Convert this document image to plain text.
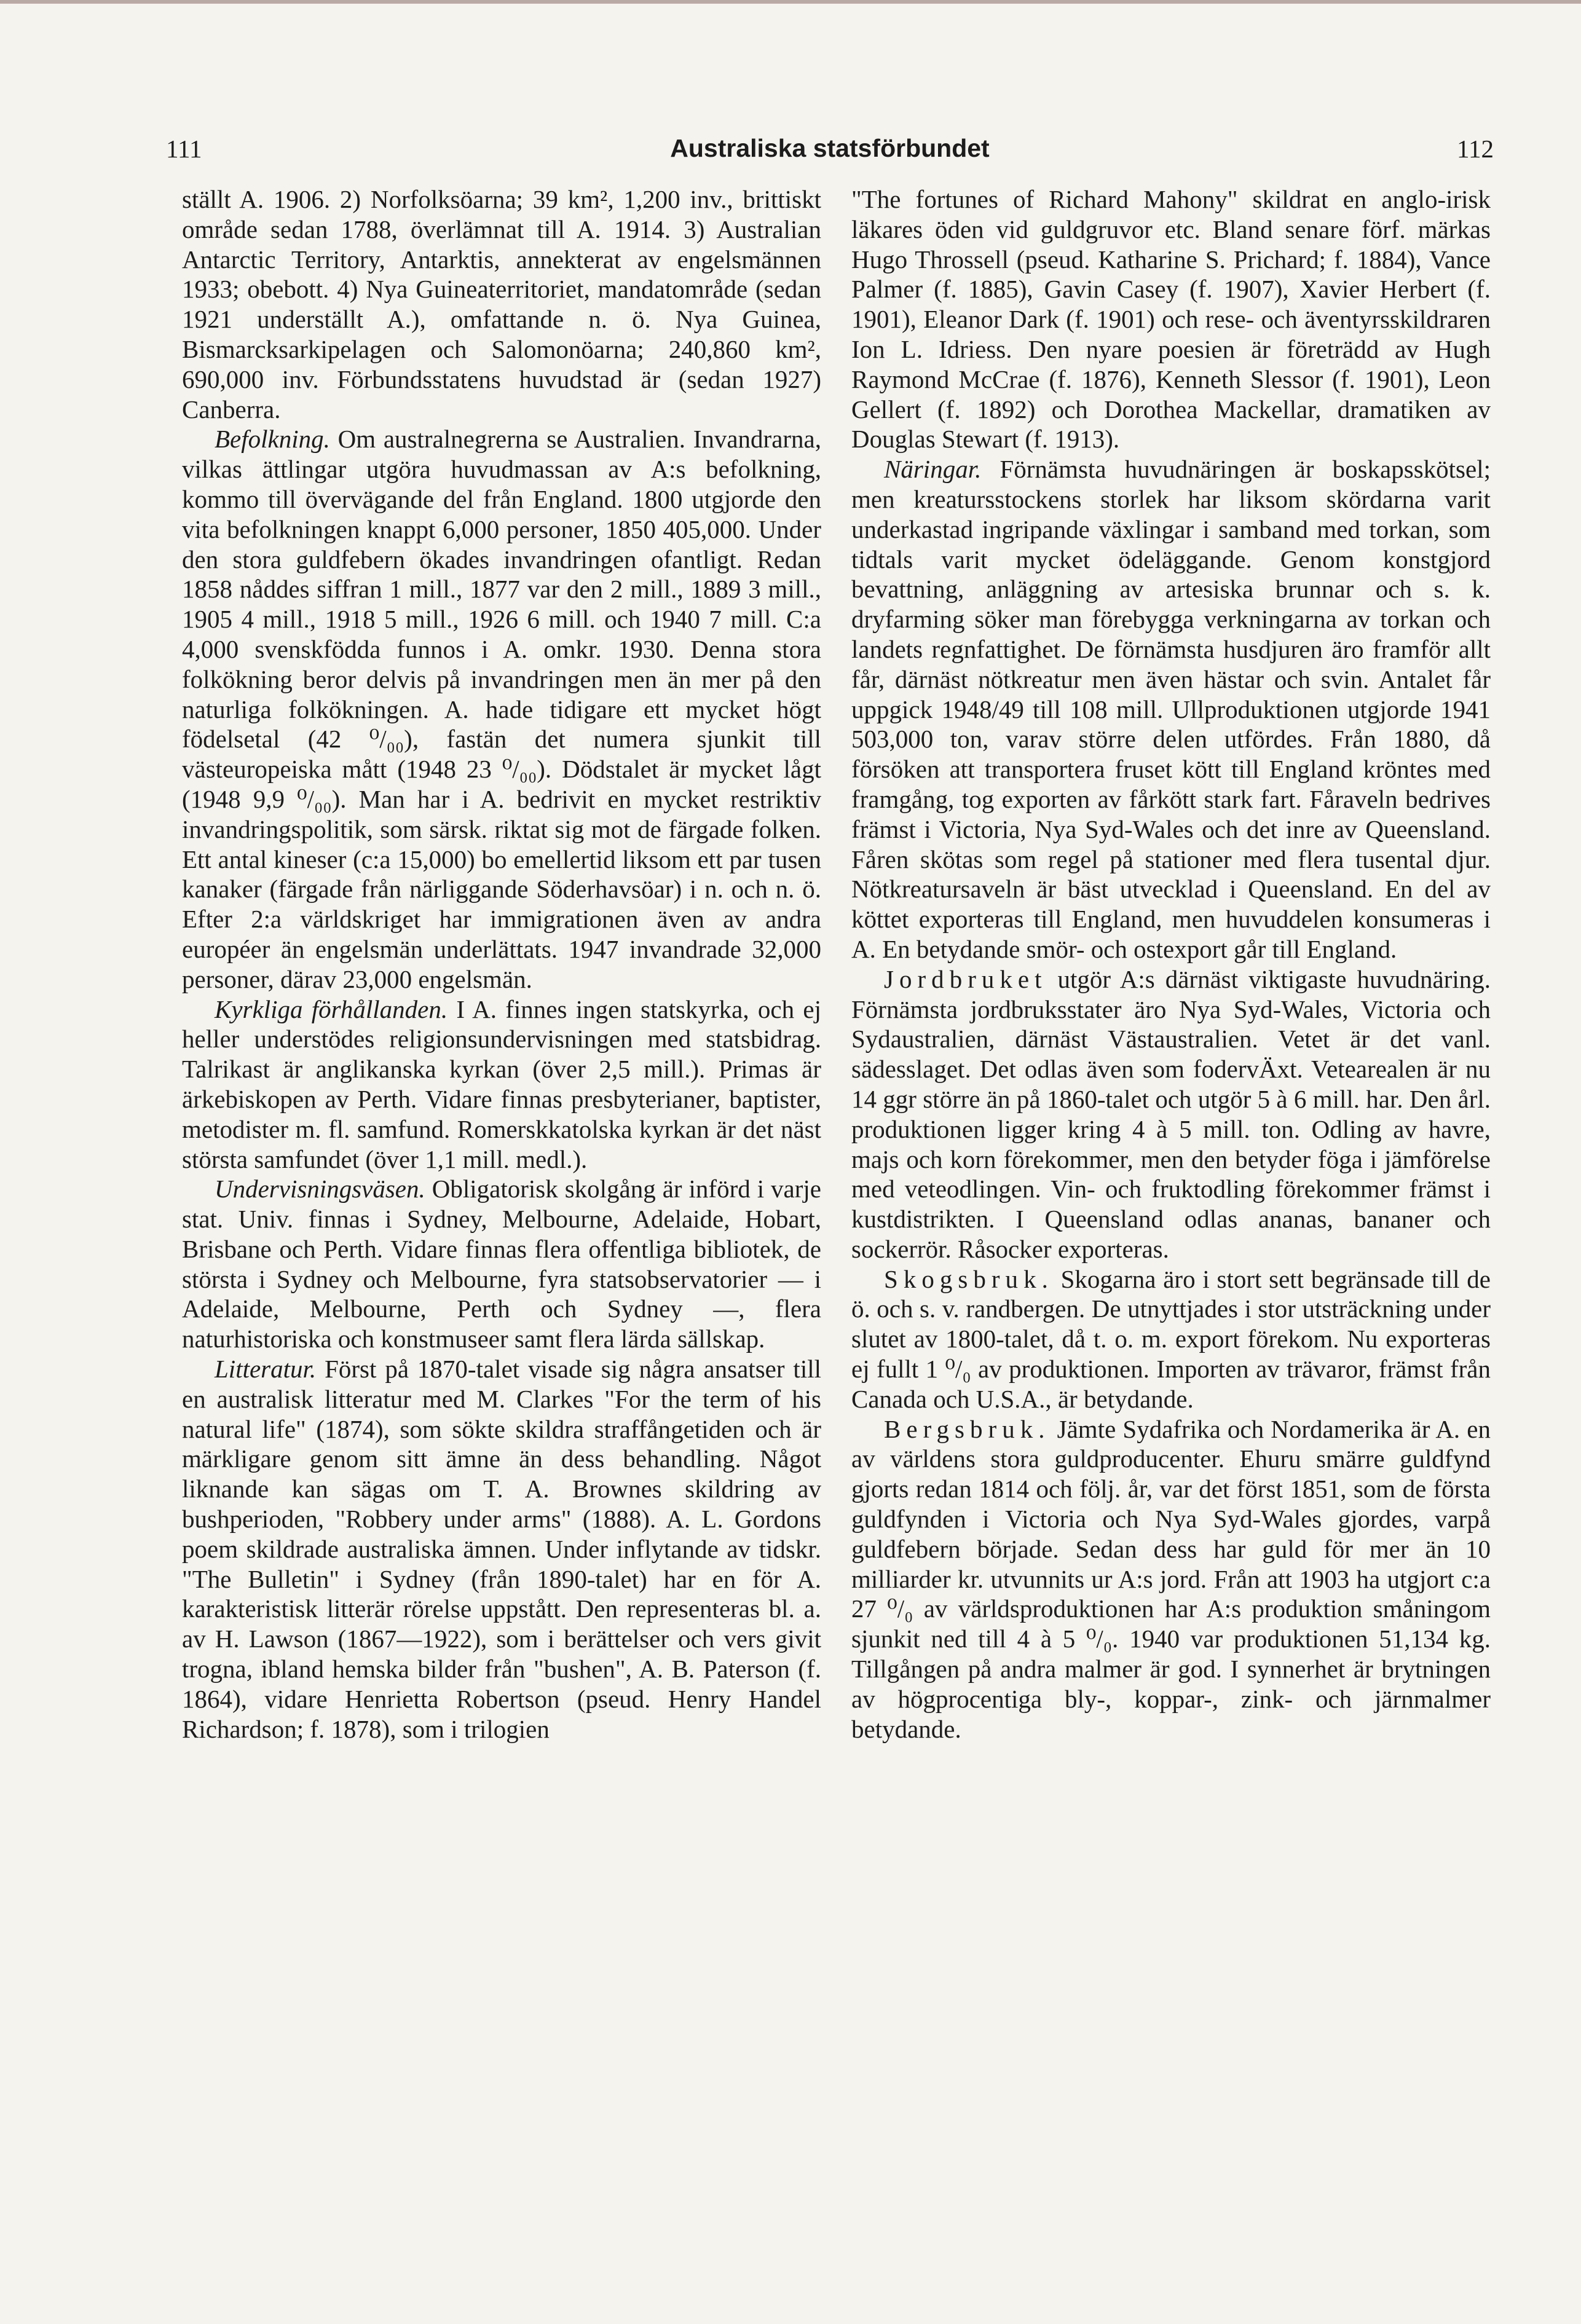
111	Australiska statsförbundet	112

ställt A. 1906. 2) Norfolksöarna; 39 km², 1,200 inv., brittiskt område sedan 1788, överlämnat till A. 1914. 3) Australian Antarctic Territory, Antarktis, annekterat av engelsmännen 1933; obebott. 4) Nya Guineaterritoriet, mandatområde (sedan 1921 underställt A.), omfattande n. ö. Nya Guinea, Bismarcksarkipelagen och Salomonöarna; 240,860 km², 690,000 inv. Förbundsstatens huvudstad är (sedan 1927) Canberra.

Befolkning. Om australnegrerna se Australien. Invandrarna, vilkas ättlingar utgöra huvudmassan av A:s befolkning, kommo till övervägande del från England. 1800 utgjorde den vita befolkningen knappt 6,000 personer, 1850 405,000. Under den stora guldfebern ökades invandringen ofantligt. Redan 1858 nåddes siffran 1 mill., 1877 var den 2 mill., 1889 3 mill., 1905 4 mill., 1918 5 mill., 1926 6 mill. och 1940 7 mill. C:a 4,000 svenskfödda funnos i A. omkr. 1930. Denna stora folkökning beror delvis på invandringen men än mer på den naturliga folkökningen. A. hade tidigare ett mycket högt födelsetal (42 ⁰/₀₀), fastän det numera sjunkit till västeuropeiska mått (1948 23 ⁰/₀₀). Dödstalet är mycket lågt (1948 9,9 ⁰/₀₀). Man har i A. bedrivit en mycket restriktiv invandringspolitik, som särsk. riktat sig mot de färgade folken. Ett antal kineser (c:a 15,000) bo emellertid liksom ett par tusen kanaker (färgade från närliggande Söderhavsöar) i n. och n. ö. Efter 2:a världskriget har immigrationen även av andra européer än engelsmän underlättats. 1947 invandrade 32,000 personer, därav 23,000 engelsmän.

Kyrkliga förhållanden. I A. finnes ingen statskyrka, och ej heller understödes religionsundervisningen med statsbidrag. Talrikast är anglikanska kyrkan (över 2,5 mill.). Primas är ärkebiskopen av Perth. Vidare finnas presbyterianer, baptister, metodister m. fl. samfund. Romerskkatolska kyrkan är det näst största samfundet (över 1,1 mill. medl.).

Undervisningsväsen. Obligatorisk skolgång är införd i varje stat. Univ. finnas i Sydney, Melbourne, Adelaide, Hobart, Brisbane och Perth. Vidare finnas flera offentliga bibliotek, de största i Sydney och Melbourne, fyra statsobservatorier — i Adelaide, Melbourne, Perth och Sydney —, flera naturhistoriska och konstmuseer samt flera lärda sällskap.

Litteratur. Först på 1870-talet visade sig några ansatser till en australisk litteratur med M. Clarkes "For the term of his natural life" (1874), som sökte skildra straffångetiden och är märkligare genom sitt ämne än dess behandling. Något liknande kan sägas om T. A. Brownes skildring av bushperioden, "Robbery under arms" (1888). A. L. Gordons poem skildrade australiska ämnen. Under inflytande av tidskr. "The Bulletin" i Sydney (från 1890-talet) har en för A. karakteristisk litterär rörelse uppstått. Den representeras bl. a. av H. Lawson (1867—1922), som i berättelser och vers givit trogna, ibland hemska bilder från "bushen", A. B. Paterson (f. 1864), vidare Henrietta Robertson (pseud. Henry Handel Richardson; f. 1878), som i trilogien

"The fortunes of Richard Mahony" skildrat en anglo-irisk läkares öden vid guldgruvor etc. Bland senare förf. märkas Hugo Throssell (pseud. Katharine S. Prichard; f. 1884), Vance Palmer (f. 1885), Gavin Casey (f. 1907), Xavier Herbert (f. 1901), Eleanor Dark (f. 1901) och rese- och äventyrsskildraren Ion L. Idriess. Den nyare poesien är företrädd av Hugh Raymond McCrae (f. 1876), Kenneth Slessor (f. 1901), Leon Gellert (f. 1892) och Dorothea Mackellar, dramatiken av Douglas Stewart (f. 1913).

Näringar. Förnämsta huvudnäringen är boskapsskötsel; men kreatursstockens storlek har liksom skördarna varit underkastad ingripande växlingar i samband med torkan, som tidtals varit mycket ödeläggande. Genom konstgjord bevattning, anläggning av artesiska brunnar och s. k. dryfarming söker man förebygga verkningarna av torkan och landets regnfattighet. De förnämsta husdjuren äro framför allt får, därnäst nötkreatur men även hästar och svin. Antalet får uppgick 1948/49 till 108 mill. Ullproduktionen utgjorde 1941 503,000 ton, varav större delen utfördes. Från 1880, då försöken att transportera fruset kött till England kröntes med framgång, tog exporten av fårkött stark fart. Fåraveln bedrives främst i Victoria, Nya Syd-Wales och det inre av Queensland. Fåren skötas som regel på stationer med flera tusental djur. Nötkreatursaveln är bäst utvecklad i Queensland. En del av köttet exporteras till England, men huvuddelen konsumeras i A. En betydande smör- och ostexport går till England.

Jordbruket utgör A:s därnäst viktigaste huvudnäring. Förnämsta jordbruksstater äro Nya Syd-Wales, Victoria och Sydaustralien, därnäst Västaustralien. Vetet är det vanl. sädesslaget. Det odlas även som fodervÄxt. Vetearealen är nu 14 ggr större än på 1860-talet och utgör 5 à 6 mill. har. Den årl. produktionen ligger kring 4 à 5 mill. ton. Odling av havre, majs och korn förekommer, men den betyder föga i jämförelse med veteodlingen. Vin- och fruktodling förekommer främst i kustdistrikten. I Queensland odlas ananas, bananer och sockerrör. Råsocker exporteras.

Skogsbruk. Skogarna äro i stort sett begränsade till de ö. och s. v. randbergen. De utnyttjades i stor utsträckning under slutet av 1800-talet, då t. o. m. export förekom. Nu exporteras ej fullt 1 ⁰/₀ av produktionen. Importen av trävaror, främst från Canada och U.S.A., är betydande.

Bergsbruk. Jämte Sydafrika och Nordamerika är A. en av världens stora guldproducenter. Ehuru smärre guldfynd gjorts redan 1814 och följ. år, var det först 1851, som de första guldfynden i Victoria och Nya Syd-Wales gjordes, varpå guldfebern började. Sedan dess har guld för mer än 10 milliarder kr. utvunnits ur A:s jord. Från att 1903 ha utgjort c:a 27 ⁰/₀ av världsproduktionen har A:s produktion småningom sjunkit ned till 4 à 5 ⁰/₀. 1940 var produktionen 51,134 kg. Tillgången på andra malmer är god. I synnerhet är brytningen av högprocentiga bly-, koppar-, zink- och järnmalmer betydande.
